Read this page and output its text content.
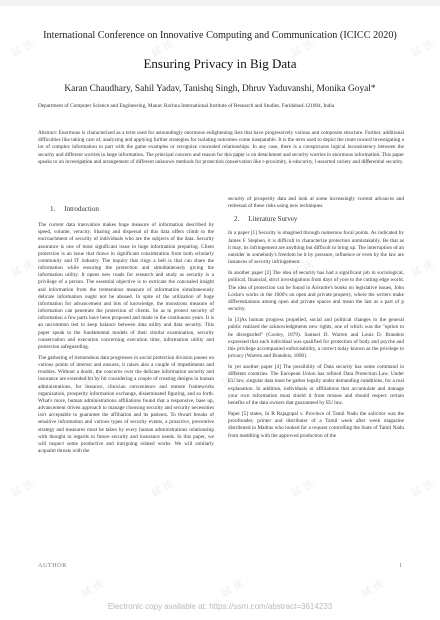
試 读	試 读	試 读	試 读
試 读	試 读	試 读
試 读	試 读	試 读	試 读
試 读	試 读	試 读
試 读	試 读	試 读	試 读
試 读	試 读	試 读
International Conference on Innovative Computing and Communication (ICICC 2020)
Ensuring Privacy in Big Data
Karan Chaudhary, Sahil Yadav, Tanishq Singh, Dhruv Yaduvanshi, Monika Goyal*
Department of Computer Science and Engineering, Manav Rachna International Institute of Research and Studies, Faridabad-121004, India
Abstract: Enormous is characterized as a term used for astoundingly enormous enlightening lists that have progressively various and composite structure. Further, additional difficulties like taking care of, analyzing and applying further strategies for isolating outcomes come inseparable. It is the term used to depict the route toward investigating a lot of complex information to part with the game examples or recognize concealed relationships. In any case, there is a conspicuous logical inconsistency between the security and different worries in large information. The principal concern and reason for this paper is on detachment and security worries in enormous information. This paper speaks to on investigation and arrangement of different unknown methods for protection conservation like t-proximity, k-obscurity, l-assorted variety and differential security.
1. Introduction

The current data innovation makes huge measure of information described by speed, volume, veracity. Sharing and dispersal of this data offers climb to the encroachment of security of individuals who are the subjects of the data. Security assurance is one of most significant issue in huge information preparing. Client protection is an issue that draws in significant consideration from both scholarly community and IT industry. The inquiry that rings a bell is that can share the information while ensuring the protection and simultaneously giving the information utility. It opens new roads for research and study as security is a privilege of a person. The essential objective is to extricate the concealed insight and information from the tremendous measure of information simultaneously delicate information ought not be abused. In spite of the utilization of huge information for advancement and bits of knowledge, the monstrous measure of information can penetrate the protection of clients. So as to protect security of information a few parts have been proposed and made in the continuous years. It is an uncommon test to keep balance between data utility and data security. This paper speak to the fundamental models of their similar examination, security conservation and execution concerning execution time, information utility and protection safeguarding.

The gathering of tremendous data progresses in social protection division passes on various points of interest and ensures, it raises also a couple of impediments and troubles. Without a doubt, the concerns over the delicate information security and insurance are extended bit by bit considering a couple of creating designs in human administrations, for instance, clinician convenience and remote frameworks organization, prosperity information exchange, disseminated figuring, and so forth. What's more, human administrations affiliations found that a responsive, base up, advancement driven approach to manage choosing security and security necessities isn't acceptable to guarantee the affiliation and its patients. To thwart breaks of sensitive information and various types of security events, a proactive, preventive strategy and measures must be taken by every human administrations relationship with thought in regards to future security and insurance needs. In this paper, we will inspect some productive and intriguing related works. We will similarly acquaint threats with the

security of prosperity data and look at some increasingly current advances and redressal of these risks using new techniques.

2. Literature Survey

In a paper [1] Security is imagined through numerous focal points. As indicated by James F. Stephen, it is difficult to characterize protection unmistakably. Be that as it may, its infringement are anything but difficult to bring up. The interruption of an outsider in somebody's freedom be it by pressure, influence or even by the law are instances of security infringement.

In another paper [2] The idea of security has had a significant job in sociological, political, financial, strict investigations from days of yore to the cutting edge world. The idea of protection can be found in Aristotle's books on legislative issues, John Locke's works in the 1600's on open and private property, where the writers make differentiations among open and private spaces and mean the last as a part of p security.

In [3]As human progress propelled, social and political changes to the general public realized the acknowledgments new rights, one of which was the "option to be disregarded" (Cooley, 1879). Samuel D. Warren and Louis D. Brandeis expressed that each individual was qualified for protection of body and psyche and this privilege accompanied enforceability, a correct today known as the privilege to privacy (Warren and Brandeis, 1890).

In yet another paper [4] The possibility of Data security has some command in different countries. The European Union has refined Data Protection Law. Under EU law, singular data must be gather legally under demanding conditions, for a real explanation. In addition, individuals or affiliations that accumulate and manage your own information must shield it from misuse and should respect certain benefits of the data owners that guaranteed by EU law.

Paper [5] states, In R Rajagopal v. Province of Tamil Nadu the solicitor was the proofreader, printer and distributer of a Tamil week after week magazine distributed in Madras who looked for a request controlling the State of Tamil Nadu from meddling with the approved production of the

AUTHOR	1
Electronic copy available at: https://ssrn.com/abstract=3614233
